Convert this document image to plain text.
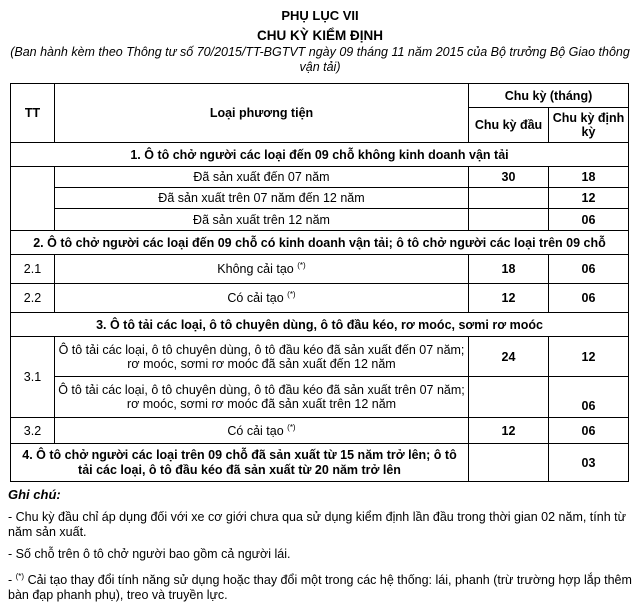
PHỤ LỤC VII
CHU KỲ KIỂM ĐỊNH
(Ban hành kèm theo Thông tư số 70/2015/TT-BGTVT ngày 09 tháng 11 năm 2015 của Bộ trưởng Bộ Giao thông vận tải)
TT	Loại phương tiện	Chu kỳ (tháng)	
		Chu kỳ đầu	Chu kỳ định kỳ
1. Ô tô chở người các loại đến 09 chỗ không kinh doanh vận tải			
	Đã sản xuất đến 07 năm	30	18
	Đã sản xuất trên 07 năm đến 12 năm		12
	Đã sản xuất trên 12 năm		06
2. Ô tô chở người các loại đến 09 chỗ có kinh doanh vận tải; ô tô chở người các loại trên 09 chỗ			
2.1	Không cải tạo (*)	18	06
2.2	Có cải tạo (*)	12	06
3. Ô tô tải các loại, ô tô chuyên dùng, ô tô đầu kéo, rơ moóc, sơmi rơ moóc			
3.1	Ô tô tải các loại, ô tô chuyên dùng, ô tô đầu kéo đã sản xuất đến 07 năm; rơ moóc, sơmi rơ moóc đã sản xuất đến 12 năm	24	12
	Ô tô tải các loại, ô tô chuyên dùng, ô tô đầu kéo đã sản xuất trên 07 năm; rơ moóc, sơmi rơ moóc đã sản xuất trên 12 năm		06
3.2	Có cải tạo (*)	12	06
4. Ô tô chở người các loại trên 09 chỗ đã sản xuất từ 15 năm trở lên; ô tô tải các loại, ô tô đầu kéo đã sản xuất từ 20 năm trở lên			03
Ghi chú:
- Chu kỳ đầu chỉ áp dụng đối với xe cơ giới chưa qua sử dụng kiểm định lần đầu trong thời gian 02 năm, tính từ năm sản xuất.
- Số chỗ trên ô tô chở người bao gồm cả người lái.
- (*) Cải tạo thay đổi tính năng sử dụng hoặc thay đổi một trong các hệ thống: lái, phanh (trừ trường hợp lắp thêm bàn đạp phanh phụ), treo và truyền lực.
